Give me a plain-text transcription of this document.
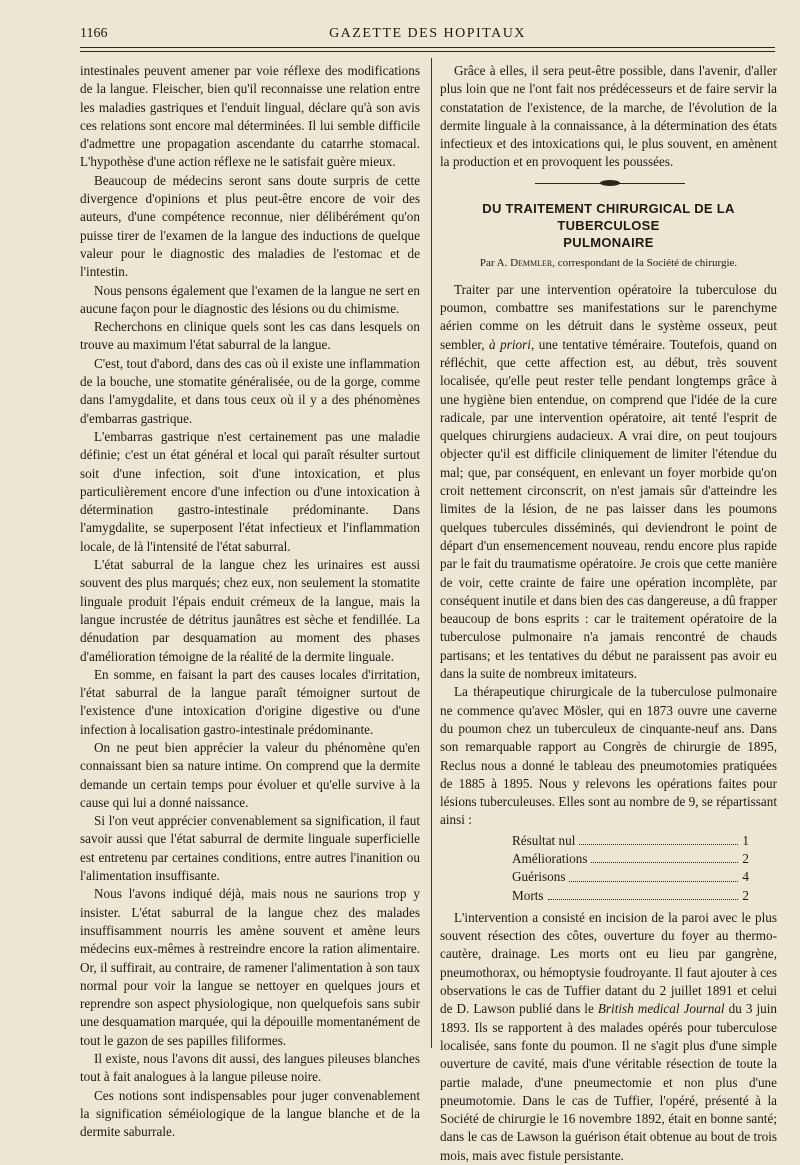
1166	GAZETTE DES HOPITAUX

intestinales peuvent amener par voie réflexe des modifications de la langue. Fleischer, bien qu'il reconnaisse une relation entre les maladies gastriques et l'enduit lingual, déclare qu'à son avis ces relations sont encore mal déterminées. Il lui semble difficile d'admettre une propagation ascendante du catarrhe stomacal. L'hypothèse d'une action réflexe ne le satisfait guère mieux.

Beaucoup de médecins seront sans doute surpris de cette divergence d'opinions et plus peut-être encore de voir des auteurs, d'une compétence reconnue, nier délibérément qu'on puisse tirer de l'examen de la langue des inductions de quelque valeur pour le diagnostic des maladies de l'estomac et de l'intestin.

Nous pensons également que l'examen de la langue ne sert en aucune façon pour le diagnostic des lésions ou du chimisme.

Recherchons en clinique quels sont les cas dans lesquels on trouve au maximum l'état saburral de la langue.

C'est, tout d'abord, dans des cas où il existe une inflammation de la bouche, une stomatite généralisée, ou de la gorge, comme dans l'amygdalite, et dans tous ceux où il y a des phénomènes d'embarras gastrique.

L'embarras gastrique n'est certainement pas une maladie définie; c'est un état général et local qui paraît résulter surtout soit d'une infection, soit d'une intoxication, et plus particulièrement encore d'une infection ou d'une intoxication à détermination gastro-intestinale prédominante. Dans l'amygdalite, se superposent l'état infectieux et l'inflammation locale, de là l'intensité de l'état saburral.

L'état saburral de la langue chez les urinaires est aussi souvent des plus marqués; chez eux, non seulement la stomatite linguale produit l'épais enduit crémeux de la langue, mais la langue incrustée de détritus jaunâtres est sèche et fendillée. La dénudation par desquamation au moment des phases d'amélioration témoigne de la réalité de la dermite linguale.

En somme, en faisant la part des causes locales d'irritation, l'état saburral de la langue paraît témoigner surtout de l'existence d'une intoxication d'origine digestive ou d'une infection à localisation gastro-intestinale prédominante.

On ne peut bien apprécier la valeur du phénomène qu'en connaissant bien sa nature intime. On comprend que la dermite demande un certain temps pour évoluer et qu'elle survive à la cause qui lui a donné naissance.

Si l'on veut apprécier convenablement sa signification, il faut savoir aussi que l'état saburral de dermite linguale superficielle est entretenu par certaines conditions, entre autres l'inanition ou l'alimentation insuffisante.

Nous l'avons indiqué déjà, mais nous ne saurions trop y insister. L'état saburral de la langue chez des malades insuffisamment nourris les amène souvent et amène leurs médecins eux-mêmes à restreindre encore la ration alimentaire. Or, il suffirait, au contraire, de ramener l'alimentation à son taux normal pour voir la langue se nettoyer en quelques jours et reprendre son aspect physiologique, non quelquefois sans subir une desquamation marquée, qui la dépouille momentanément de tout le gazon de ses papilles filiformes.

Il existe, nous l'avons dit aussi, des langues pileuses blanches tout à fait analogues à la langue pileuse noire.

Ces notions sont indispensables pour juger convenablement la signification séméiologique de la langue blanche et de la dermite saburrale.

Grâce à elles, il sera peut-être possible, dans l'avenir, d'aller plus loin que ne l'ont fait nos prédécesseurs et de faire servir la constatation de l'existence, de la marche, de l'évolution de la dermite linguale à la connaissance, à la détermination des états infectieux et des intoxications qui, le plus souvent, en amènent la production et en provoquent les poussées.

DU TRAITEMENT CHIRURGICAL DE LA TUBERCULOSE
PULMONAIRE
Par A. Demmler, correspondant de la Société de chirurgie.

Traiter par une intervention opératoire la tuberculose du poumon, combattre ses manifestations sur le parenchyme aérien comme on les détruit dans le système osseux, peut sembler, à priori, une tentative téméraire. Toutefois, quand on réfléchit, que cette affection est, au début, très souvent localisée, qu'elle peut rester telle pendant longtemps grâce à une hygiène bien entendue, on comprend que l'idée de la cure radicale, par une intervention opératoire, ait tenté l'esprit de quelques chirurgiens audacieux. A vrai dire, on peut toujours objecter qu'il est difficile cliniquement de limiter l'étendue du mal; que, par conséquent, en enlevant un foyer morbide qu'on croit nettement circonscrit, on n'est jamais sûr d'atteindre les limites de la lésion, de ne pas laisser dans les poumons quelques tubercules disséminés, qui deviendront le point de départ d'un ensemencement nouveau, rendu encore plus rapide par le fait du traumatisme opératoire. Je crois que cette manière de voir, cette crainte de faire une opération incomplète, par conséquent inutile et dans bien des cas dangereuse, a dû frapper beaucoup de bons esprits : car le traitement opératoire de la tuberculose pulmonaire n'a jamais rencontré de chauds partisans; et les tentatives du début ne paraissent pas avoir eu dans la suite de nombreux imitateurs.

La thérapeutique chirurgicale de la tuberculose pulmonaire ne commence qu'avec Mösler, qui en 1873 ouvre une caverne du poumon chez un tuberculeux de cinquante-neuf ans. Dans son remarquable rapport au Congrès de chirurgie de 1895, Reclus nous a donné le tableau des pneumotomies pratiquées de 1885 à 1895. Nous y relevons les opérations faites pour lésions tuberculeuses. Elles sont au nombre de 9, se répartissant ainsi :

Résultat nul	1
Améliorations	2
Guérisons	4
Morts	2

L'intervention a consisté en incision de la paroi avec le plus souvent résection des côtes, ouverture du foyer au thermo-cautère, drainage. Les morts ont eu lieu par gangrène, pneumothorax, ou hémoptysie foudroyante. Il faut ajouter à ces observations le cas de Tuffier datant du 2 juillet 1891 et celui de D. Lawson publié dans le British medical Journal du 3 juin 1893. Ils se rapportent à des malades opérés pour tuberculose localisée, sans fonte du poumon. Il ne s'agit plus d'une simple ouverture de cavité, mais d'une véritable résection de toute la partie malade, d'une pneumectomie et non plus d'une pneumotomie. Dans le cas de Tuffier, l'opéré, présenté à la Société de chirurgie le 16 novembre 1892, était en bonne santé; dans le cas de Lawson la guérison était obtenue au bout de trois mois, mais avec fistule persistante.
